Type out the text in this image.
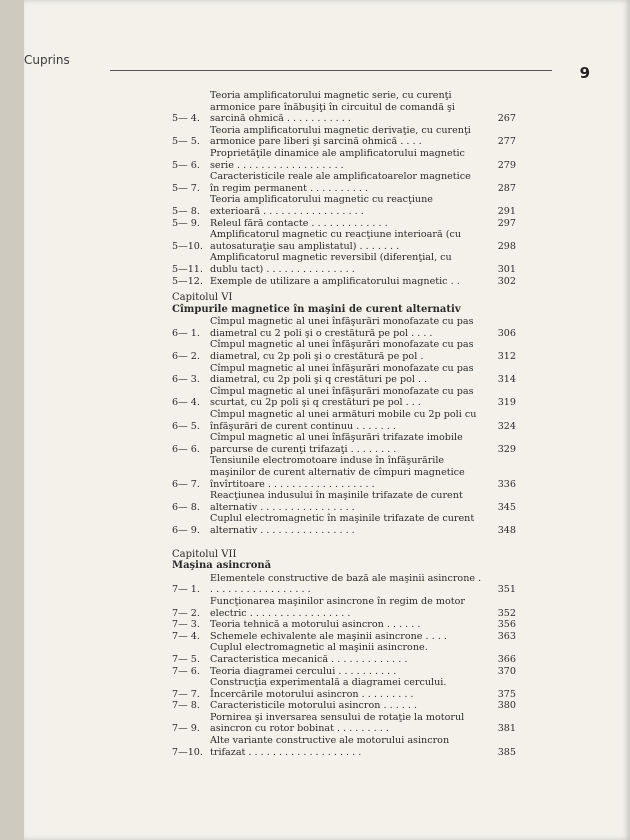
Cuprins
9
5— 4.
Teoria amplificatorului magnetic serie, cu curenţi armonice pare înăbuşiţi în circuitul de comandă şi sarcină ohmică . . . . . . . . . . .	267
5— 5.
Teoria amplificatorului magnetic derivaţie, cu curenţi armonice pare liberi şi sarcină ohmică . . . .	277
5— 6.
Proprietăţile dinamice ale amplificatorului magnetic serie . . . . . . . . . . . . . . . . . .	279
5— 7.
Caracteristicile reale ale amplificatoarelor magnetice în regim permanent . . . . . . . . . .	287
5— 8.
Teoria amplificatorului magnetic cu reacţiune exterioară . . . . . . . . . . . . . . . . .	291
5— 9.	Releul fără contacte . . . . . . . . . . . . .	297
5—10.
Amplificatorul magnetic cu reacţiune interioară (cu autosaturaţie sau amplistatul) . . . . . . .	298
5—11.
Amplificatorul magnetic reversibil (diferenţial, cu dublu tact) . . . . . . . . . . . . . . .	301
5—12. Exemple de utilizare a amplificatorului magnetic . .	302
Capitolul VI
Cîmpurile magnetice în maşini de curent alternativ
6— 1.
Cîmpul magnetic al unei înfăşurări monofazate cu pas diametral cu 2 poli şi o crestătură pe pol . . . .	306
6— 2.
Cîmpul magnetic al unei înfăşurări monofazate cu pas diametral, cu 2p poli şi o crestătură pe pol .	312
6— 3.
Cîmpul magnetic al unei înfăşurări monofazate cu pas diametral, cu 2p poli şi q crestături pe pol . .	314
6— 4.
Cîmpul magnetic al unei înfăşurări monofazate cu pas scurtat, cu 2p poli şi q crestături pe pol . . .	319
6— 5.
Cîmpul magnetic al unei armături mobile cu 2p poli cu înfăşurări de curent continuu . . . . . . .	324
6— 6.
Cîmpul magnetic al unei înfăşurări trifazate imobile parcurse de curenţi trifazaţi . . . . . . . .	329
6— 7.
Tensiunile electromotoare induse în înfăşurările maşinilor de curent alternativ de cîmpuri magnetice învîrtitoare . . . . . . . . . . . . . . . . . .	336
6— 8.
Reacţiunea indusului în maşinile trifazate de curent alternativ . . . . . . . . . . . . . . . .	345
6— 9.
Cuplul electromagnetic în maşinile trifazate de curent alternativ . . . . . . . . . . . . . . . .	348
Capitolul VII
Maşina asincronă
7— 1.
Elementele constructive de bază ale maşinii asincrone . . . . . . . . . . . . . . . . . .	351
7— 2.
Funcţionarea maşinilor asincrone în regim de motor electric . . . . . . . . . . . . . . . . .	352
7— 3.	Teoria tehnică a motorului asincron . . . . . .	356
7— 4.	Schemele echivalente ale maşinii asincrone . . . .	363
7— 5.
Cuplul electromagnetic al maşinii asincrone. Caracteristica mecanică . . . . . . . . . . . . .	366
7— 6.	Teoria diagramei cercului . . . . . . . . . .	370
7— 7.
Construcţia experimentală a diagramei cercului. Încercările motorului asincron . . . . . . . . .	375
7— 8.	Caracteristicile motorului asincron . . . . . .	380
7— 9.
Pornirea şi inversarea sensului de rotaţie la motorul asincron cu rotor bobinat . . . . . . . . .	381
7—10.
Alte variante constructive ale motorului asincron trifazat . . . . . . . . . . . . . . . . . . .	385
